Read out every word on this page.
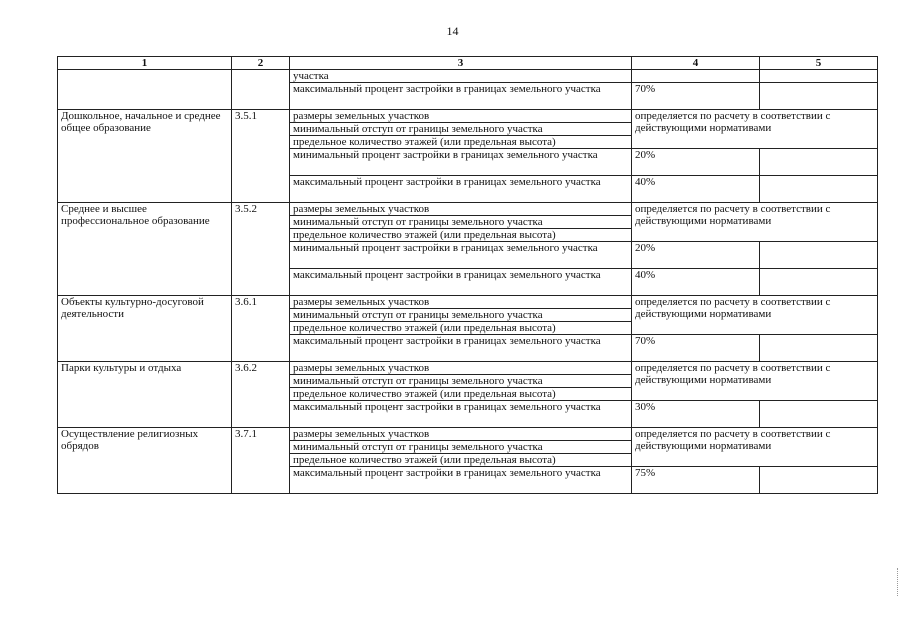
14
1	2	3	4	5
		участка		
		максимальный процент застройки в границах земельного участка	70%	
Дошкольное, начальное и среднее общее образование	3.5.1	размеры земельных участков	определяется по расчету в соответствии с действующими нормативами	
		минимальный отступ от границы земельного участка		
		предельное количество этажей (или предельная высота)		
		минимальный процент застройки в границах земельного участка	20%	
		максимальный процент застройки в границах земельного участка	40%	
Среднее и высшее профессиональное образование	3.5.2	размеры земельных участков	определяется по расчету в соответствии с действующими нормативами	
		минимальный отступ от границы земельного участка		
		предельное количество этажей (или предельная высота)		
		минимальный процент застройки в границах земельного участка	20%	
		максимальный процент застройки в границах земельного участка	40%	
Объекты культурно-досуговой деятельности	3.6.1	размеры земельных участков	определяется по расчету в соответствии с действующими нормативами	
		минимальный отступ от границы земельного участка		
		предельное количество этажей (или предельная высота)		
		максимальный процент застройки в границах земельного участка	70%	
Парки культуры и отдыха	3.6.2	размеры земельных участков	определяется по расчету в соответствии с действующими нормативами	
		минимальный отступ от границы земельного участка		
		предельное количество этажей (или предельная высота)		
		максимальный процент застройки в границах земельного участка	30%	
Осуществление религиозных обрядов	3.7.1	размеры земельных участков	определяется по расчету в соответствии с действующими нормативами	
		минимальный отступ от границы земельного участка		
		предельное количество этажей (или предельная высота)		
		максимальный процент застройки в границах земельного участка	75%	
